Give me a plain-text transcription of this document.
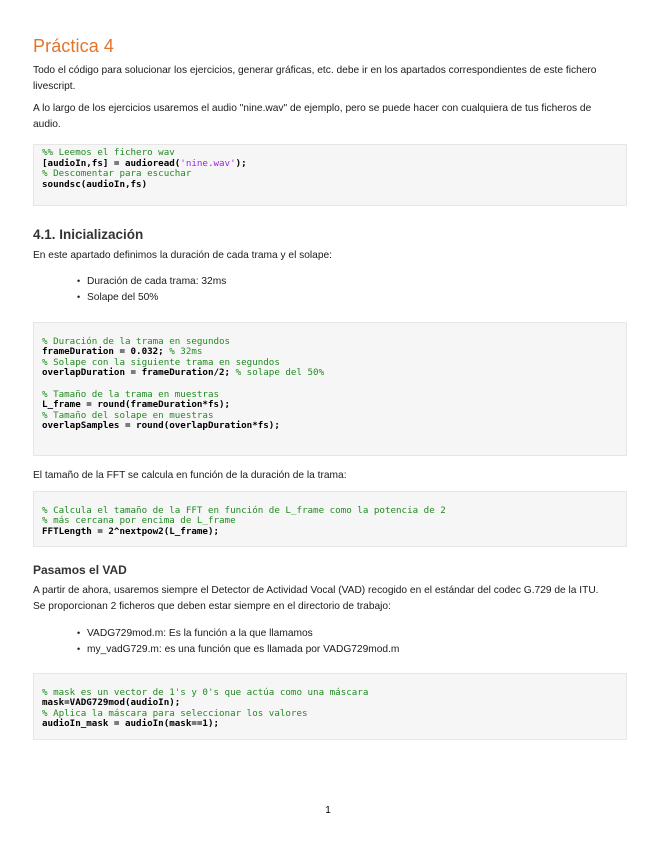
Práctica 4

Todo el código para solucionar los ejercicios, generar gráficas, etc. debe ir en los apartados correspondientes de este fichero livescript.

A lo largo de los ejercicios usaremos el audio "nine.wav" de ejemplo, pero se puede hacer con cualquiera de tus ficheros de audio.

%% Leemos el fichero wav
[audioIn,fs] = audioread('nine.wav');
% Descomentar para escuchar
soundsc(audioIn,fs)
4.1. Inicialización

En este apartado definimos la duración de cada trama y el solape:

• Duración de cada trama: 32ms
• Solape del 50%
% Duración de la trama en segundos
frameDuration = 0.032; % 32ms
% Solape con la siguiente trama en segundos
overlapDuration = frameDuration/2; % solape del 50%
% Tamaño de la trama en muestras
L_frame = round(frameDuration*fs);
% Tamaño del solape en muestras
overlapSamples = round(overlapDuration*fs);

El tamaño de la FFT se calcula en función de la duración de la trama:

% Calcula el tamaño de la FFT en función de L_frame como la potencia de 2
% más cercana por encima de L_frame
FFTLength = 2^nextpow2(L_frame);
Pasamos el VAD

A partir de ahora, usaremos siempre el Detector de Actividad Vocal (VAD) recogido en el estándar del codec G.729 de la ITU. Se proporcionan 2 ficheros que deben estar siempre en el directorio de trabajo:

• VADG729mod.m: Es la función a la que llamamos
• my_vadG729.m: es una función que es llamada por VADG729mod.m
% mask es un vector de 1's y 0's que actúa como una máscara
mask=VADG729mod(audioIn);
% Aplica la máscara para seleccionar los valores
audioIn_mask = audioIn(mask==1);
1
